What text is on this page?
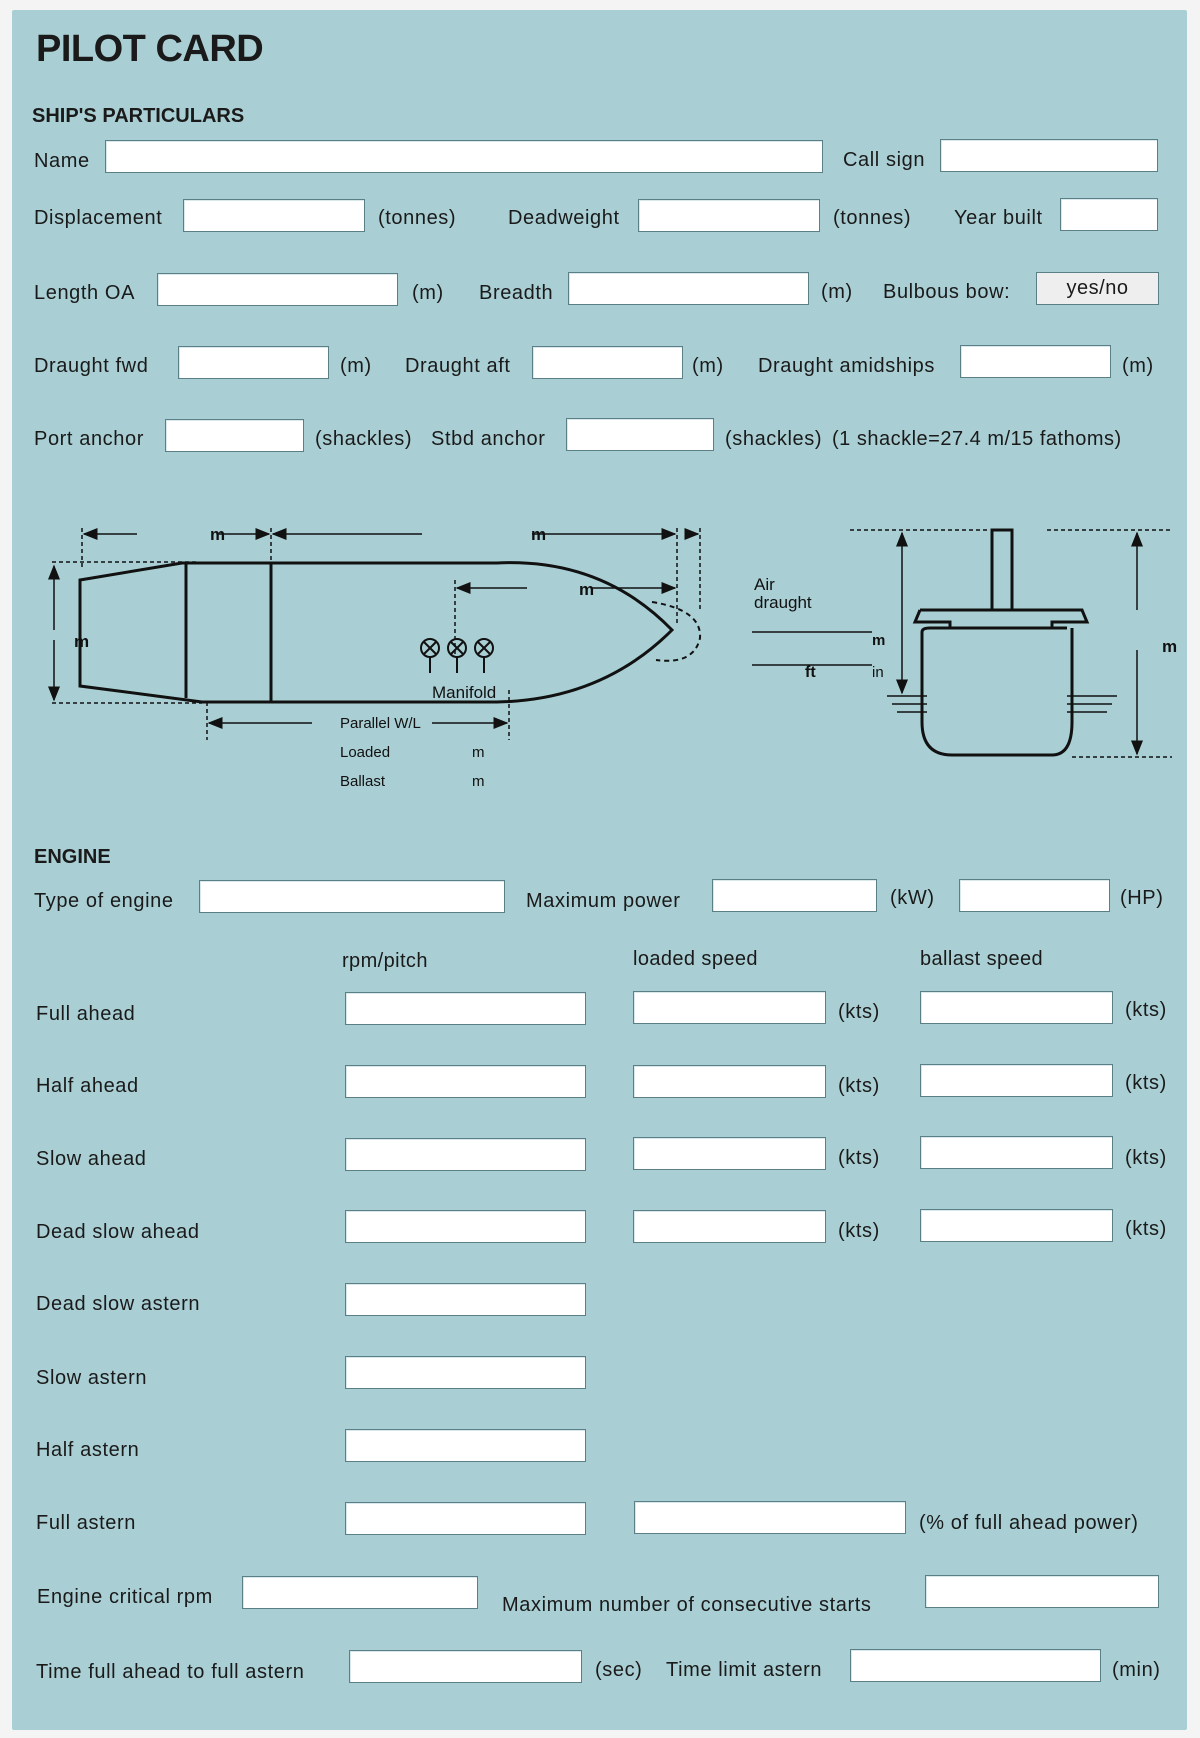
PILOT CARD
SHIP'S PARTICULARS
Name	Call sign
Displacement	(tonnes)	Deadweight	(tonnes) Year built
Length OA	(m) Breadth	(m) Bulbous bow:	yes/no
Draught fwd	(m) Draught aft	(m) Draught amidships	(m)
Port anchor	(shackles) Stbd anchor	(shackles) (1 shackle=27.4 m/15 fathoms)
m	m
m
m
Manifold
Parallel W/L
Loaded	m
Ballast	m
Air
draught
m
ft	in
m
ENGINE
Type of engine	Maximum power	(kW)	(HP)
rpm/pitch	loaded speed	ballast speed
Full ahead	(kts)	(kts)
Half ahead	(kts)	(kts)
Slow ahead	(kts)	(kts)
Dead slow ahead	(kts)	(kts)
Dead slow astern
Slow astern
Half astern
Full astern	(% of full ahead power)
Engine critical rpm	Maximum number of consecutive starts
Time full ahead to full astern	(sec) Time limit astern	(min)
